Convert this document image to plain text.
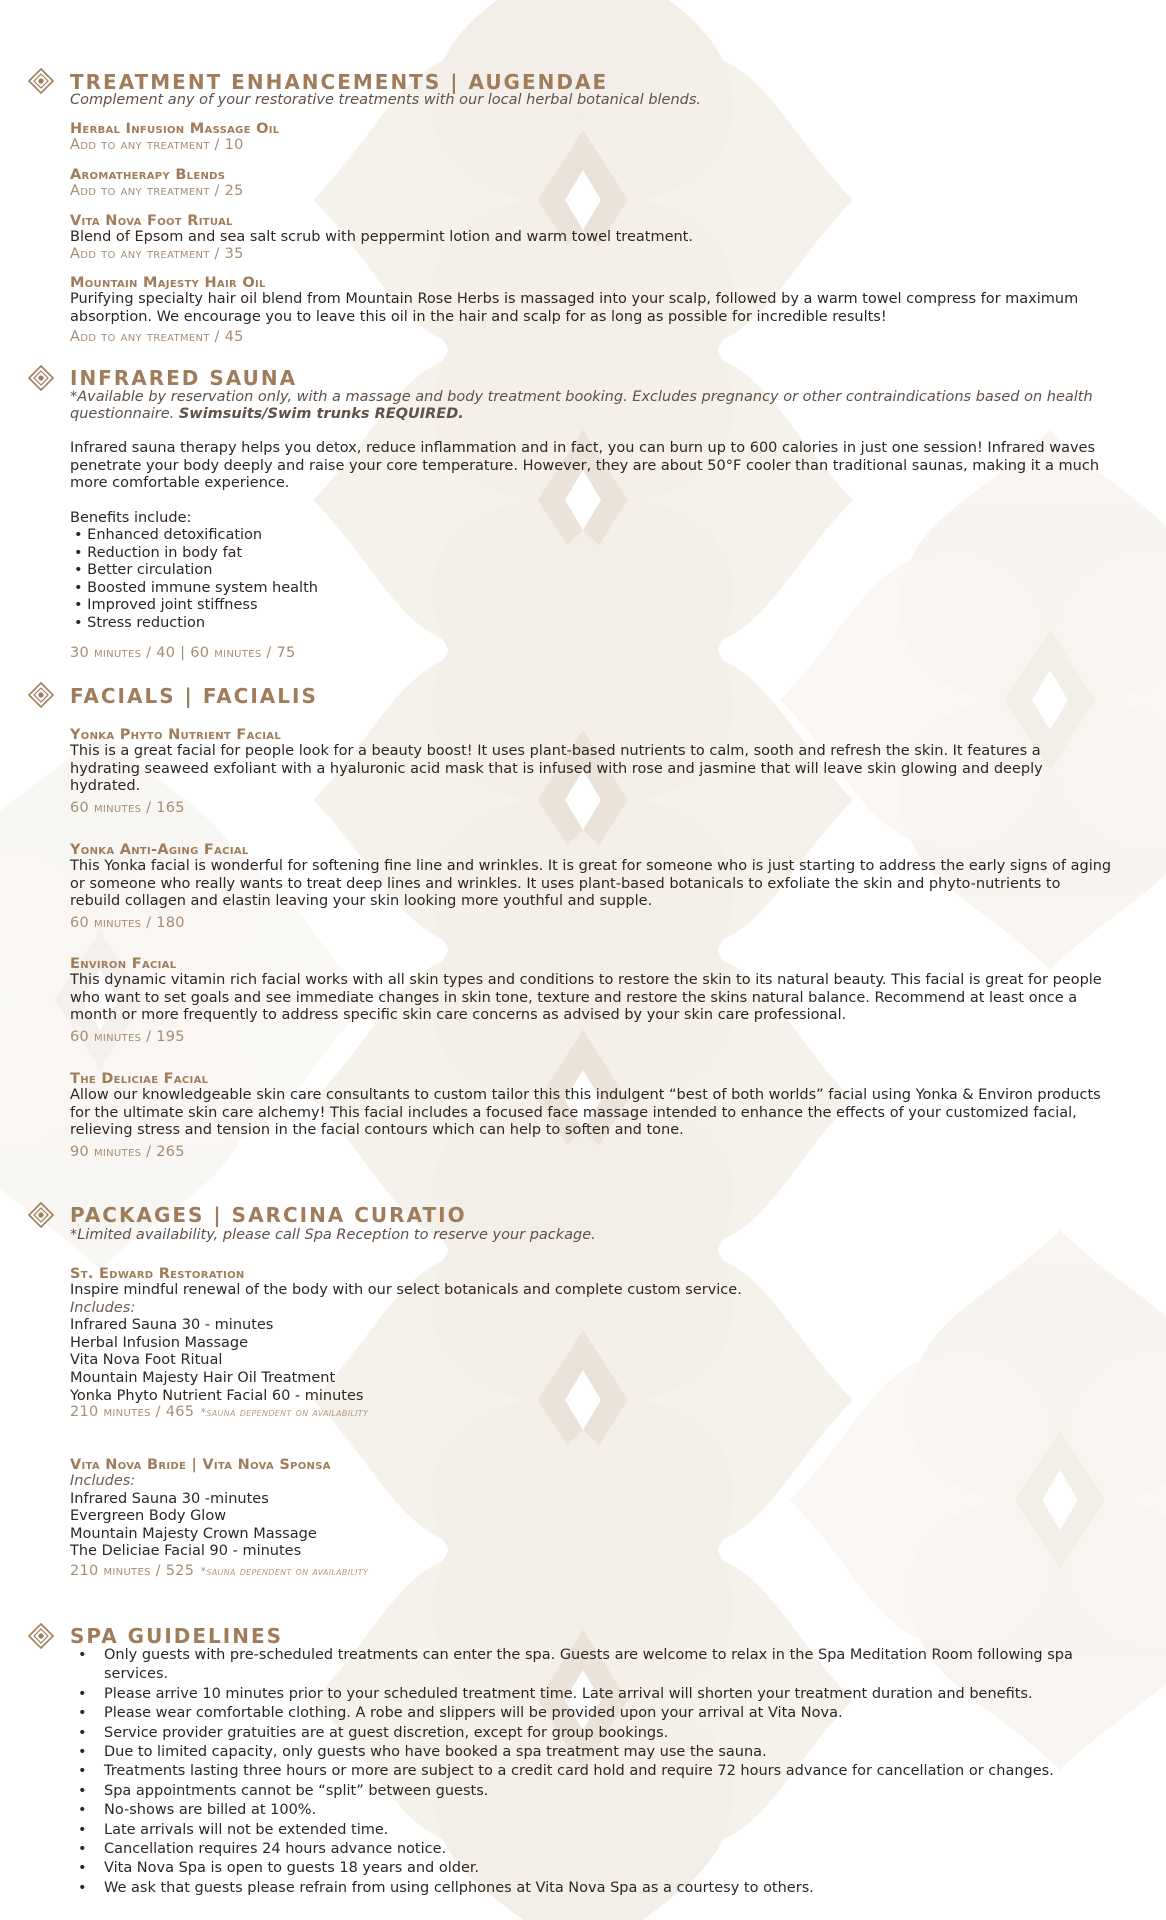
TREATMENT ENHANCEMENTS | AUGENDAE

Complement any of your restorative treatments with our local herbal botanical blends.

Herbal Infusion Massage Oil

Add to any treatment / 10

Aromatherapy Blends

Add to any treatment / 25

Vita Nova Foot Ritual

Blend of Epsom and sea salt scrub with peppermint lotion and warm towel treatment.

Add to any treatment / 35

Mountain Majesty Hair Oil

Purifying specialty hair oil blend from Mountain Rose Herbs is massaged into your scalp, followed by a warm towel compress for maximum absorption. We encourage you to leave this oil in the hair and scalp for as long as possible for incredible results!

Add to any treatment / 45

INFRARED SAUNA

*Available by reservation only, with a massage and body treatment booking. Excludes pregnancy or other contraindications based on health questionnaire. Swimsuits/Swim trunks REQUIRED.

Infrared sauna therapy helps you detox, reduce inflammation and in fact, you can burn up to 600 calories in just one session! Infrared waves penetrate your body deeply and raise your core temperature. However, they are about 50°F cooler than traditional saunas, making it a much more comfortable experience.

Benefits include:

• Enhanced detoxification
• Reduction in body fat
• Better circulation
• Boosted immune system health
• Improved joint stiffness
• Stress reduction

30 minutes / 40 | 60 minutes / 75

FACIALS | FACIALIS
Yonka Phyto Nutrient Facial

This is a great facial for people look for a beauty boost! It uses plant-based nutrients to calm, sooth and refresh the skin. It features a hydrating seaweed exfoliant with a hyaluronic acid mask that is infused with rose and jasmine that will leave skin glowing and deeply hydrated.

60 minutes / 165

Yonka Anti-Aging Facial

This Yonka facial is wonderful for softening fine line and wrinkles. It is great for someone who is just starting to address the early signs of aging or someone who really wants to treat deep lines and wrinkles. It uses plant-based botanicals to exfoliate the skin and phyto-nutrients to rebuild collagen and elastin leaving your skin looking more youthful and supple.

60 minutes / 180

Environ Facial

This dynamic vitamin rich facial works with all skin types and conditions to restore the skin to its natural beauty. This facial is great for people who want to set goals and see immediate changes in skin tone, texture and restore the skins natural balance. Recommend at least once a month or more frequently to address specific skin care concerns as advised by your skin care professional.

60 minutes / 195

The Deliciae Facial

Allow our knowledgeable skin care consultants to custom tailor this this indulgent “best of both worlds” facial using Yonka & Environ products for the ultimate skin care alchemy! This facial includes a focused face massage intended to enhance the effects of your customized facial, relieving stress and tension in the facial contours which can help to soften and tone.

90 minutes / 265

PACKAGES | SARCINA CURATIO

*Limited availability, please call Spa Reception to reserve your package.

St. Edward Restoration
Inspire mindful renewal of the body with our select botanicals and complete custom service.
Includes:
Infrared Sauna 30 - minutes
Herbal Infusion Massage
Vita Nova Foot Ritual
Mountain Majesty Hair Oil Treatment
Yonka Phyto Nutrient Facial 60 - minutes

210 minutes / 465 *sauna dependent on availability

Vita Nova Bride | Vita Nova Sponsa
Includes:
Infrared Sauna 30 -minutes
Evergreen Body Glow
Mountain Majesty Crown Massage
The Deliciae Facial 90 - minutes

210 minutes / 525 *sauna dependent on availability

SPA GUIDELINES
• Only guests with pre-scheduled treatments can enter the spa. Guests are welcome to relax in the Spa Meditation Room following spa services.
• Please arrive 10 minutes prior to your scheduled treatment time. Late arrival will shorten your treatment duration and benefits.
• Please wear comfortable clothing. A robe and slippers will be provided upon your arrival at Vita Nova.
• Service provider gratuities are at guest discretion, except for group bookings.
• Due to limited capacity, only guests who have booked a spa treatment may use the sauna.
• Treatments lasting three hours or more are subject to a credit card hold and require 72 hours advance for cancellation or changes.
• Spa appointments cannot be “split” between guests.
• No-shows are billed at 100%.
• Late arrivals will not be extended time.
• Cancellation requires 24 hours advance notice.
• Vita Nova Spa is open to guests 18 years and older.
• We ask that guests please refrain from using cellphones at Vita Nova Spa as a courtesy to others.
